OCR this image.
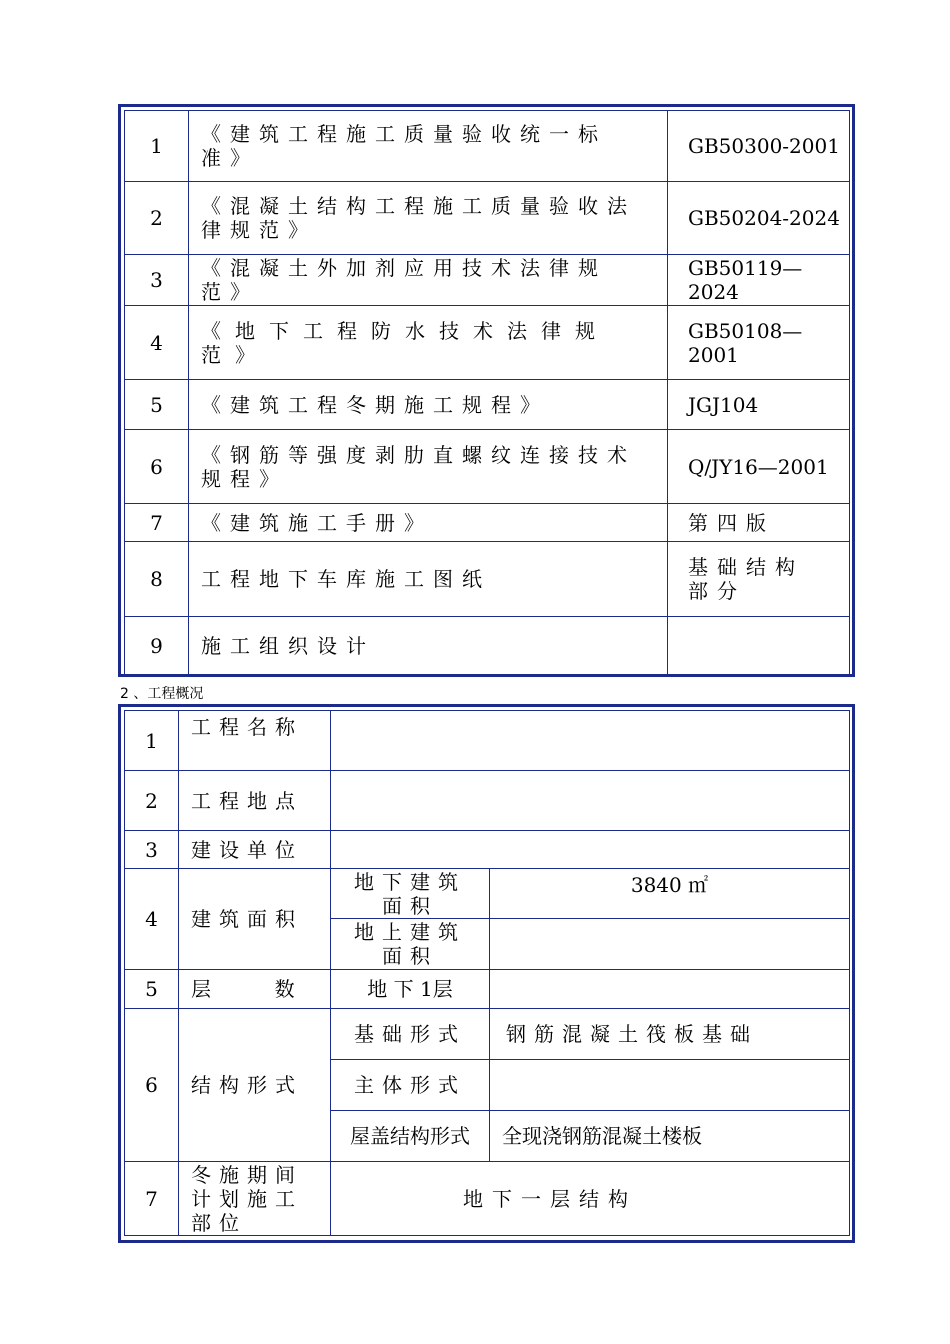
1	《建筑工程施工质量验收统一标准》	GB50300-2001
2	《混凝土结构工程施工质量验收法律规范》	GB50204-2024
3	《混凝土外加剂应用技术法律规范》	GB50119—2024
4	《地下工程防水技术法律规范》	GB50108—2001
5	《建筑工程冬期施工规程》	JGJ104
6	《钢筋等强度剥肋直螺纹连接技术规程》	Q/JY16—2001
7	《建筑施工手册》	第四版
8	工程地下车库施工图纸	基础结构部分
9	施工组织设计	
2 、工程概况
1	工程名称		
2	工程地点		
3	建设单位		
4	建筑面积	地下建筑面积	3840 ㎡
		地上建筑面积	
5	层          数	地 下 1层	
6	结构形式	基础形式	钢筋混凝土筏板基础
		主体形式	
		屋盖结构形式	全现浇钢筋混凝土楼板
7	冬施期间计划施工部位	地下一层结构	
